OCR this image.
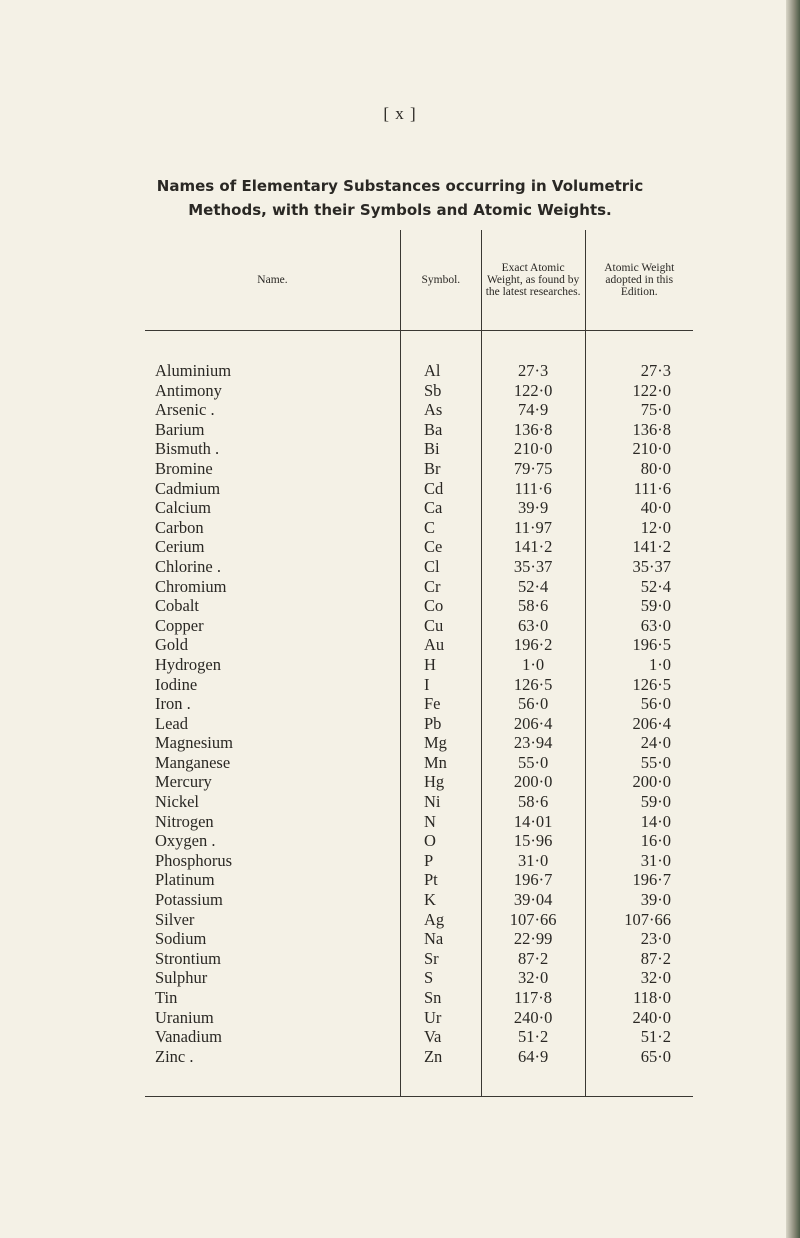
[ x ]
Names of Elementary Substances occurring in Volumetric
Methods, with their Symbols and Atomic Weights.
Name.	Symbol.	Exact Atomic Weight, as found by the latest researches.	Atomic Weight adopted in this Edition.
Aluminium	Al	27·3	27·3
Antimony	Sb	122·0	122·0
Arsenic .	As	74·9	75·0
Barium	Ba	136·8	136·8
Bismuth .	Bi	210·0	210·0
Bromine	Br	79·75	80·0
Cadmium	Cd	111·6	111·6
Calcium	Ca	39·9	40·0
Carbon	C	11·97	12·0
Cerium	Ce	141·2	141·2
Chlorine .	Cl	35·37	35·37
Chromium	Cr	52·4	52·4
Cobalt	Co	58·6	59·0
Copper	Cu	63·0	63·0
Gold	Au	196·2	196·5
Hydrogen	H	1·0	1·0
Iodine	I	126·5	126·5
Iron .	Fe	56·0	56·0
Lead	Pb	206·4	206·4
Magnesium	Mg	23·94	24·0
Manganese	Mn	55·0	55·0
Mercury	Hg	200·0	200·0
Nickel	Ni	58·6	59·0
Nitrogen	N	14·01	14·0
Oxygen .	O	15·96	16·0
Phosphorus	P	31·0	31·0
Platinum	Pt	196·7	196·7
Potassium	K	39·04	39·0
Silver	Ag	107·66	107·66
Sodium	Na	22·99	23·0
Strontium	Sr	87·2	87·2
Sulphur	S	32·0	32·0
Tin	Sn	117·8	118·0
Uranium	Ur	240·0	240·0
Vanadium	Va	51·2	51·2
Zinc .	Zn	64·9	65·0
